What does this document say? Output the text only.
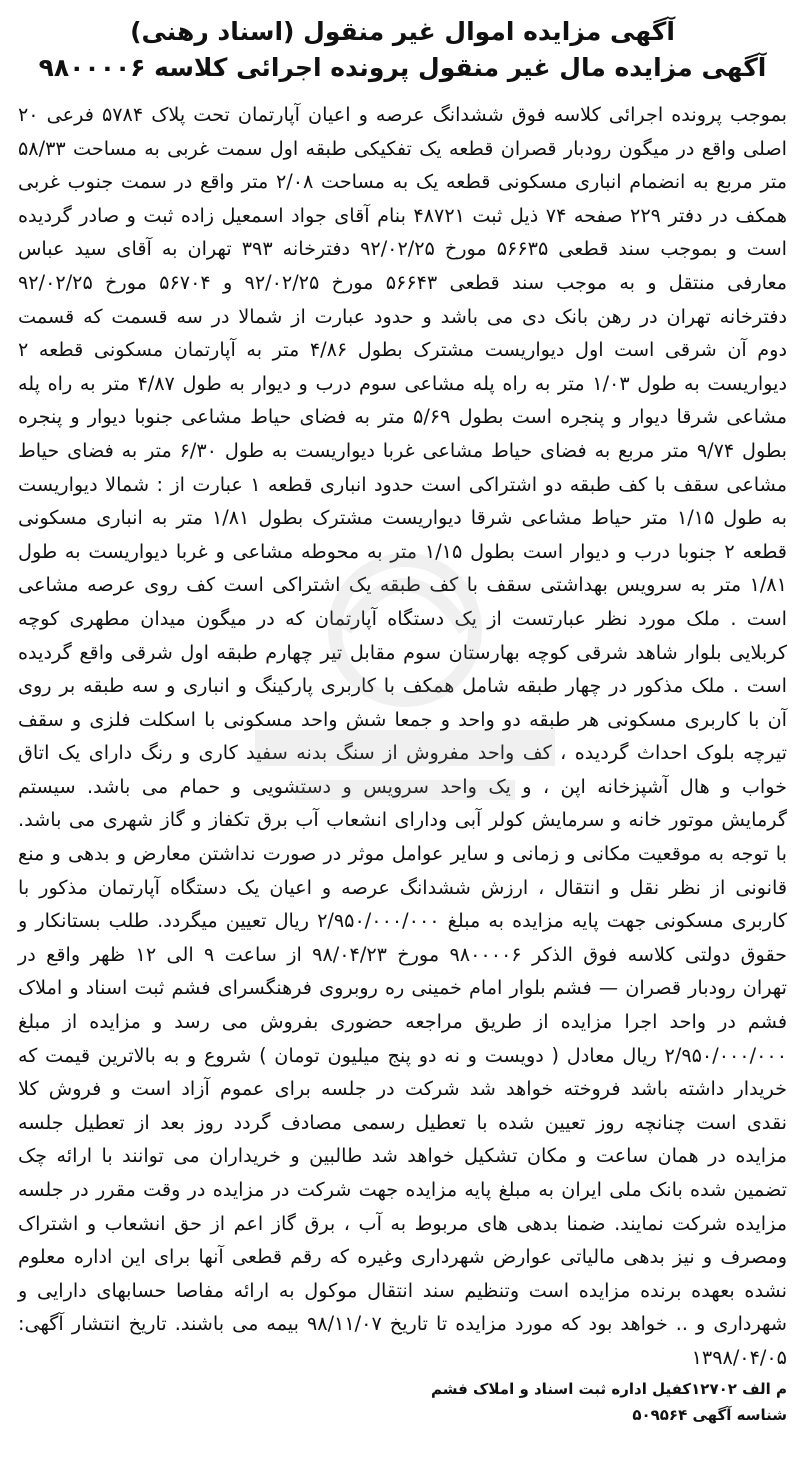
آگهی مزایده اموال غیر منقول (اسناد رهنی)
آگهی مزایده مال غیر منقول پرونده اجرائی کلاسه ۹۸۰۰۰۰۶
بموجب پرونده اجرائی کلاسه فوق ششدانگ عرصه و اعیان آپارتمان تحت پلاک ۵۷۸۴ فرعی ۲۰ اصلی واقع در میگون رودبار قصران قطعه یک تفکیکی طبقه اول سمت غربی به مساحت ۵۸/۳۳ متر مربع به انضمام انباری مسکونی قطعه یک به مساحت ۲/۰۸ متر واقع در سمت جنوب غربی همکف در دفتر ۲۲۹ صفحه ۷۴ ذیل ثبت ۴۸۷۲۱ بنام آقای جواد اسمعیل زاده ثبت و صادر گردیده است و بموجب سند قطعی ۵۶۶۳۵ مورخ ۹۲/۰۲/۲۵ دفترخانه ۳۹۳ تهران به آقای سید عباس معارفی منتقل و به موجب سند قطعی ۵۶۶۴۳ مورخ ۹۲/۰۲/۲۵ و ۵۶۷۰۴ مورخ ۹۲/۰۲/۲۵ دفترخانه تهران در رهن بانک دی می باشد و حدود عبارت از شمالا در سه قسمت که قسمت دوم آن شرقی است اول دیواریست مشترک بطول ۴/۸۶ متر به آپارتمان مسکونی قطعه ۲ دیواریست به طول ۱/۰۳ متر به راه پله مشاعی سوم درب و دیوار به طول ۴/۸۷ متر به راه پله مشاعی شرقا دیوار و پنجره است بطول ۵/۶۹ متر به فضای حیاط مشاعی جنوبا دیوار و پنجره بطول ۹/۷۴ متر مربع به فضای حیاط مشاعی غربا دیواریست به طول ۶/۳۰ متر به فضای حیاط مشاعی سقف با کف طبقه دو اشتراکی است حدود انباری قطعه ۱ عبارت از : شمالا دیواریست به طول ۱/۱۵ متر حیاط مشاعی شرقا دیواریست مشترک بطول ۱/۸۱ متر به انباری مسکونی قطعه ۲ جنوبا درب و دیوار است بطول ۱/۱۵ متر به محوطه مشاعی و غربا دیواریست به طول ۱/۸۱ متر به سرویس بهداشتی سقف با کف طبقه یک اشتراکی است کف روی عرصه مشاعی است . ملک مورد نظر عبارتست از یک دستگاه آپارتمان که در میگون میدان مطهری کوچه کربلایی بلوار شاهد شرقی کوچه بهارستان سوم مقابل تیر چهارم طبقه اول شرقی واقع گردیده است . ملک مذکور در چهار طبقه شامل همکف با کاربری پارکینگ و انباری و سه طبقه بر روی آن با کاربری مسکونی هر طبقه دو واحد و جمعا شش واحد مسکونی با اسکلت فلزی و سقف تیرچه بلوک احداث گردیده ، کف واحد مفروش از سنگ بدنه سفید کاری و رنگ دارای یک اتاق خواب و هال آشپزخانه اپن ، و یک واحد سرویس و دستشویی و حمام می باشد. سیستم گرمایش موتور خانه و سرمایش کولر آبی ودارای انشعاب آب برق تکفاز و گاز شهری می باشد. با توجه به موقعیت مکانی و زمانی و سایر عوامل موثر در صورت نداشتن معارض و بدهی و منع قانونی از نظر نقل و انتقال ، ارزش ششدانگ عرصه و اعیان یک دستگاه آپارتمان مذکور با کاربری مسکونی جهت پایه مزایده به مبلغ ۲/۹۵۰/۰۰۰/۰۰۰ ریال تعیین میگردد. طلب بستانکار و حقوق دولتی کلاسه فوق الذکر ۹۸۰۰۰۰۶ مورخ ۹۸/۰۴/۲۳ از ساعت ۹ الی ۱۲ ظهر واقع در تهران رودبار قصران — فشم بلوار امام خمینی ره روبروی فرهنگسرای فشم ثبت اسناد و املاک فشم در واحد اجرا مزایده از طریق مراجعه حضوری بفروش می رسد و مزایده از مبلغ ۲/۹۵۰/۰۰۰/۰۰۰ ریال معادل ( دویست و نه دو پنج میلیون تومان ) شروع و به بالاترین قیمت که خریدار داشته باشد فروخته خواهد شد شرکت در جلسه برای عموم آزاد است و فروش کلا نقدی است چنانچه روز تعیین شده با تعطیل رسمی مصادف گردد روز بعد از تعطیل جلسه مزایده در همان ساعت و مکان تشکیل خواهد شد طالبین و خریداران می توانند با ارائه چک تضمین شده بانک ملی ایران به مبلغ پایه مزایده جهت شرکت در مزایده در وقت مقرر در جلسه مزایده شرکت نمایند. ضمنا بدهی های مربوط به آب ، برق گاز اعم از حق انشعاب و اشتراک ومصرف و نیز بدهی مالیاتی عوارض شهرداری وغیره که رقم قطعی آنها برای این اداره معلوم نشده بعهده برنده مزایده است وتنظیم سند انتقال موکول به ارائه مفاصا حسابهای دارایی و شهرداری و .. خواهد بود که مورد مزایده تا تاریخ ۹۸/۱۱/۰۷ بیمه می باشند. تاریخ انتشار آگهی: ۱۳۹۸/۰۴/۰۵
م الف ۱۲۷۰۲کفیل اداره ثبت اسناد و املاک فشم
شناسه آگهی ۵۰۹۵۶۴
